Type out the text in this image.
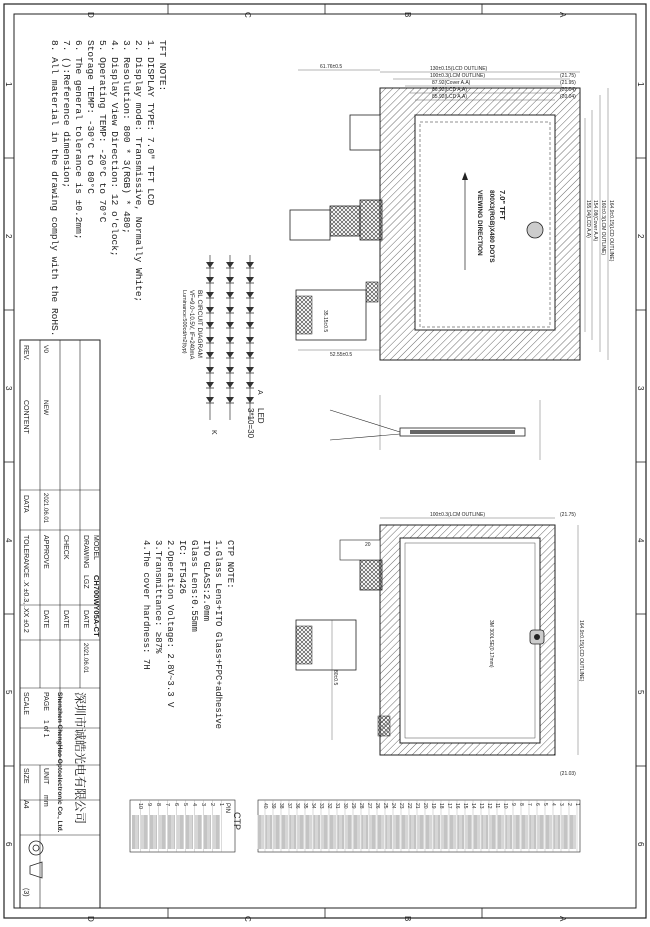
A
B
C
D
A
B
C
D
1
2
3
4
5
6
1
2
3
4
5
6
TFT NOTE:
1. DISPLAY TYPE: 7.0" TFT LCD
2. Display mode: Transmissive, Normally White;
3. Resolution: 800 * 3(RGB) * 480;
4. Display View Direction: 12 o'clock;
5. Operating TEMP: -20°C to 70°C
Storage TEMP: -30°C to 80°C
6. The general tolerance is ±0.2mm;
7. ():Reference dimension;
8. All material in the drawing comply with the RoHS.
LED
3*10=30
A
K
BL CIRCUIT DIAGRAM
VF=9.0~10.5V, IF=240mA
Luminance:500cd/m2(typ)
7.0" TFT
800X3(RGB)X480 DOTS
VIEWING DIRECTION
130±0.15(LCD OUTLINE)
100±0.3(LCM OUTLINE)
87.92(Cover A.A)
86.92(LCD A.A)
85.92(LCD A.A)
61.76±0.5
(21.75)
(21.95)
(20.04)
(20.04)
164.9±0.15(LCD OUTLINE)
160±0.3(LCM OUTLINE)
154.08(Cover A.A)
155.04(LCD A.A)
52.55±0.5
35.15±0.5
100±0.3(LCM OUTLINE)	(21.75)
164.9±0.15(LCD OUTLINE)
(21.03)
3M 300LSE(0.17mm)
80±0.5
20
CTP NOTE:
1.Glass Lens+ITO Glass+FPC+adhesive
ITO GLASS:2.0mm
Glass Lens:0.55mm
IC: FT5426
2.Operation Voltage: 2.8V~3.3 V
3.Transmittance: ≥87%
4.The cover hardness: 7H
CTP
PIN
1
2
3
4
5
6
7
8
9
10	1
2
3
4
5
6
7
8
9
10
11
12
13
14
15
16
17
18
19
20
21
22
23
24
25
26
27
28
29
30
31
32
33
34
35
36
37
38
39
40
REV.
CONTENT
DATA
TOLERANCE
.X ±0.3, .XX ±0.2
V0
NEW
2021.06.01
APPROVE
DATE
CHECK
DATE
DRAWING
LGZ
DATE
2021.06.01
MODEL
CH700WY05A-CT
深圳市诚皓光电有限公司
Shenzhen ChengHao Optoelectronic Co., Ltd.
PAGE
1 of 1
UNIT
mm
SCALE
SIZE
A4
(3)
